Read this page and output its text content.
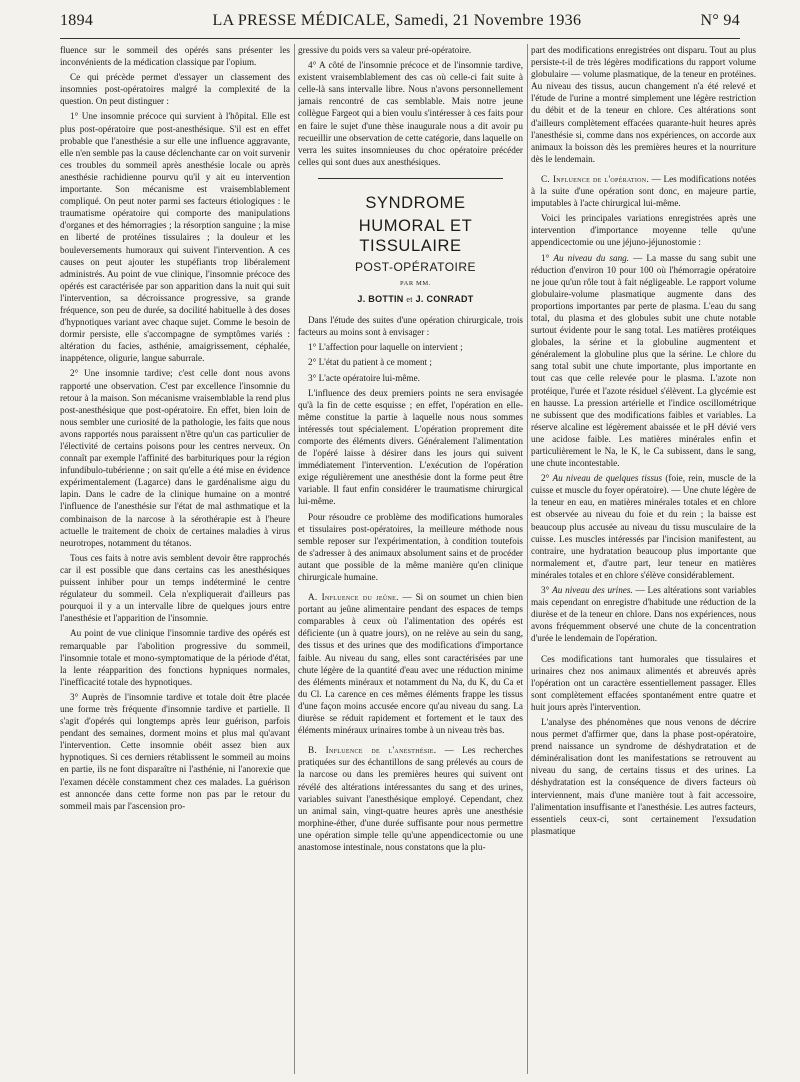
1894	LA PRESSE MÉDICALE, Samedi, 21 Novembre 1936	N° 94

fluence sur le sommeil des opérés sans présenter les inconvénients de la médication classique par l'opium.

Ce qui précède permet d'essayer un classement des insomnies post-opératoires malgré la complexité de la question. On peut distinguer :

1° Une insomnie précoce qui survient à l'hôpital. Elle est plus post-opératoire que post-anesthésique. S'il est en effet probable que l'anesthésie a sur elle une influence aggravante, elle n'en semble pas la cause déclenchante car on voit survenir ces troubles du sommeil après anesthésie locale ou après anesthésie rachidienne pourvu qu'il y ait eu intervention importante. Son mécanisme est vraisemblablement compliqué. On peut noter parmi ses facteurs étiologiques : le traumatisme opératoire qui comporte des manipulations d'organes et des hémorragies ; la résorption sanguine ; la mise en liberté de protéines tissulaires ; la douleur et les bouleversements humoraux qui suivent l'intervention. A ces causes on peut ajouter les stupéfiants trop libéralement administrés. Au point de vue clinique, l'insomnie précoce des opérés est caractérisée par son apparition dans la nuit qui suit l'intervention, sa décroissance progressive, sa grande fréquence, son peu de durée, sa docilité habituelle à des doses d'hypnotiques variant avec chaque sujet. Comme le besoin de dormir persiste, elle s'accompagne de symptômes variés : altération du facies, asthénie, amaigrissement, céphalée, inappétence, oligurie, langue saburrale.

2° Une insomnie tardive; c'est celle dont nous avons rapporté une observation. C'est par excellence l'insomnie du retour à la maison. Son mécanisme vraisemblable la rend plus post-anesthésique que post-opératoire. En effet, bien loin de nous sembler une curiosité de la pathologie, les faits que nous avons rapportés nous paraissent n'être qu'un cas particulier de l'électivité de certains poisons pour les centres nerveux. On connaît par exemple l'affinité des barbituriques pour la région infundibulo-tubérienne ; on sait qu'elle a été mise en évidence expérimentalement (Lagarce) dans le gardénalisme aigu du lapin. Dans le cadre de la clinique humaine on a montré l'influence de l'anesthésie sur l'état de mal asthmatique et la combinaison de la narcose à la sérothérapie est à l'heure actuelle le traitement de choix de certaines maladies à virus neurotropes, notamment du tétanos.

Tous ces faits à notre avis semblent devoir être rapprochés car il est possible que dans certains cas les anesthésiques puissent inhiber pour un temps indéterminé le centre régulateur du sommeil. Cela n'expliquerait d'ailleurs pas pourquoi il y a un intervalle libre de quelques jours entre l'anesthésie et l'apparition de l'insomnie.

Au point de vue clinique l'insomnie tardive des opérés est remarquable par l'abolition progressive du sommeil, l'insomnie totale et mono-symptomatique de la période d'état, la lente réapparition des fonctions hypniques normales, l'inefficacité totale des hypnotiques.

3° Auprès de l'insomnie tardive et totale doit être placée une forme très fréquente d'insomnie tardive et partielle. Il s'agit d'opérés qui longtemps après leur guérison, parfois pendant des semaines, dorment moins et plus mal qu'avant l'intervention. Cette insomnie obéit assez bien aux hypnotiques. Si ces derniers rétablissent le sommeil au moins en partie, ils ne font disparaître ni l'asthénie, ni l'anorexie que l'examen décèle constamment chez ces malades. La guérison est annoncée dans cette forme non pas par le retour du sommeil mais par l'ascension pro-

gressive du poids vers sa valeur pré-opératoire.

4° A côté de l'insomnie précoce et de l'insomnie tardive, existent vraisemblablement des cas où celle-ci fait suite à celle-là sans intervalle libre. Nous n'avons personnellement jamais rencontré de cas semblable. Mais notre jeune collègue Fargeot qui a bien voulu s'intéresser à ces faits pour en faire le sujet d'une thèse inaugurale nous a dit avoir pu recueillir une observation de cette catégorie, dans laquelle on verra les suites insomnieuses du choc opératoire précéder celles qui sont dues aux anesthésiques.

SYNDROME

HUMORAL ET TISSULAIRE

POST-OPÉRATOIRE

PAR MM.

J. BOTTIN et J. CONRADT

Dans l'étude des suites d'une opération chirurgicale, trois facteurs au moins sont à envisager :

1° L'affection pour laquelle on intervient ;

2° L'état du patient à ce moment ;

3° L'acte opératoire lui-même.

L'influence des deux premiers points ne sera envisagée qu'à la fin de cette esquisse ; en effet, l'opération en elle-même constitue la partie à laquelle nous nous sommes intéressés tout spécialement. L'opération proprement dite comporte des éléments divers. Généralement l'alimentation de l'opéré laisse à désirer dans les jours qui suivent immédiatement l'intervention. L'exécution de l'opération exige régulièrement une anesthésie dont la forme peut être variable. Il faut enfin considérer le traumatisme chirurgical lui-même.

Pour résoudre ce problème des modifications humorales et tissulaires post-opératoires, la meilleure méthode nous semble reposer sur l'expérimentation, à condition toutefois de s'adresser à des animaux absolument sains et de procéder autant que possible de la même manière qu'en clinique chirurgicale humaine.

A. Influence du jeûne. — Si on soumet un chien bien portant au jeûne alimentaire pendant des espaces de temps comparables à ceux où l'alimentation des opérés est déficiente (un à quatre jours), on ne relève au sein du sang, des tissus et des urines que des modifications d'importance faible. Au niveau du sang, elles sont caractérisées par une chute légère de la quantité d'eau avec une réduction minime des éléments minéraux et notamment du Na, du K, du Ca et du Cl. La carence en ces mêmes éléments frappe les tissus d'une façon moins accusée encore qu'au niveau du sang. La diurèse se réduit rapidement et fortement et le taux des éléments minéraux urinaires tombe à un niveau très bas.

B. Influence de l'anesthésie. — Les recherches pratiquées sur des échantillons de sang prélevés au cours de la narcose ou dans les premières heures qui suivent ont révélé des altérations intéressantes du sang et des urines, variables suivant l'anesthésique employé. Cependant, chez un animal sain, vingt-quatre heures après une anesthésie morphine-éther, d'une durée suffisante pour nous permettre une opération simple telle qu'une appendicectomie ou une anastomose intestinale, nous constatons que la plu-

part des modifications enregistrées ont disparu. Tout au plus persiste-t-il de très légères modifications du rapport volume globulaire — volume plasmatique, de la teneur en protéines. Au niveau des tissus, aucun changement n'a été relevé et l'étude de l'urine a montré simplement une légère restriction du débit et de la teneur en chlore. Ces altérations sont d'ailleurs complètement effacées quarante-huit heures après l'anesthésie si, comme dans nos expériences, on accorde aux animaux la boisson dès les premières heures et la nourriture dès le lendemain.

C. Influence de l'opération. — Les modifications notées à la suite d'une opération sont donc, en majeure partie, imputables à l'acte chirurgical lui-même.

Voici les principales variations enregistrées après une intervention d'importance moyenne telle qu'une appendicectomie ou une jéjuno-jéjunostomie :

1° Au niveau du sang. — La masse du sang subit une réduction d'environ 10 pour 100 où l'hémorragie opératoire ne joue qu'un rôle tout à fait négligeable. Le rapport volume globulaire-volume plasmatique augmente dans des proportions importantes par perte de plasma. L'eau du sang total, du plasma et des globules subit une chute notable surtout évidente pour le sang total. Les matières protéiques globales, la sérine et la globuline augmentent et généralement la globuline plus que la sérine. Le chlore du sang total subit une chute importante, plus importante en tout cas que celle relevée pour le plasma. L'azote non protéique, l'urée et l'azote résiduel s'élèvent. La glycémie est en hausse. La pression artérielle et l'indice oscillométrique ne subissent que des modifications faibles et variables. La réserve alcaline est légèrement abaissée et le pH dévié vers une acidose faible. Les matières minérales enfin et particulièrement le Na, le K, le Ca subissent, dans le sang, une chute incontestable.

2° Au niveau de quelques tissus (foie, rein, muscle de la cuisse et muscle du foyer opératoire). — Une chute légère de la teneur en eau, en matières minérales totales et en chlore est observée au niveau du foie et du rein ; la baisse est beaucoup plus accusée au niveau du tissu musculaire de la cuisse. Les muscles intéressés par l'incision manifestent, au contraire, une hydratation beaucoup plus importante que normalement et, d'autre part, leur teneur en matières minérales totales et en chlore s'élève considérablement.

3° Au niveau des urines. — Les altérations sont variables mais cependant on enregistre d'habitude une réduction de la diurèse et de la teneur en chlore. Dans nos expériences, nous avons fréquemment observé une chute de la concentration d'urée le lendemain de l'opération.

Ces modifications tant humorales que tissulaires et urinaires chez nos animaux alimentés et abreuvés après l'opération ont un caractère essentiellement passager. Elles sont complètement effacées spontanément entre quatre et huit jours après l'intervention.

L'analyse des phénomènes que nous venons de décrire nous permet d'affirmer que, dans la phase post-opératoire, prend naissance un syndrome de déshydratation et de déminéralisation dont les manifestations se retrouvent au niveau du sang, de certains tissus et des urines. La déshydratation est la conséquence de divers facteurs où interviennent, mais d'une manière tout à fait accessoire, l'alimentation insuffisante et l'anesthésie. Les autres facteurs, essentiels ceux-ci, sont certainement l'exsudation plasmatique
